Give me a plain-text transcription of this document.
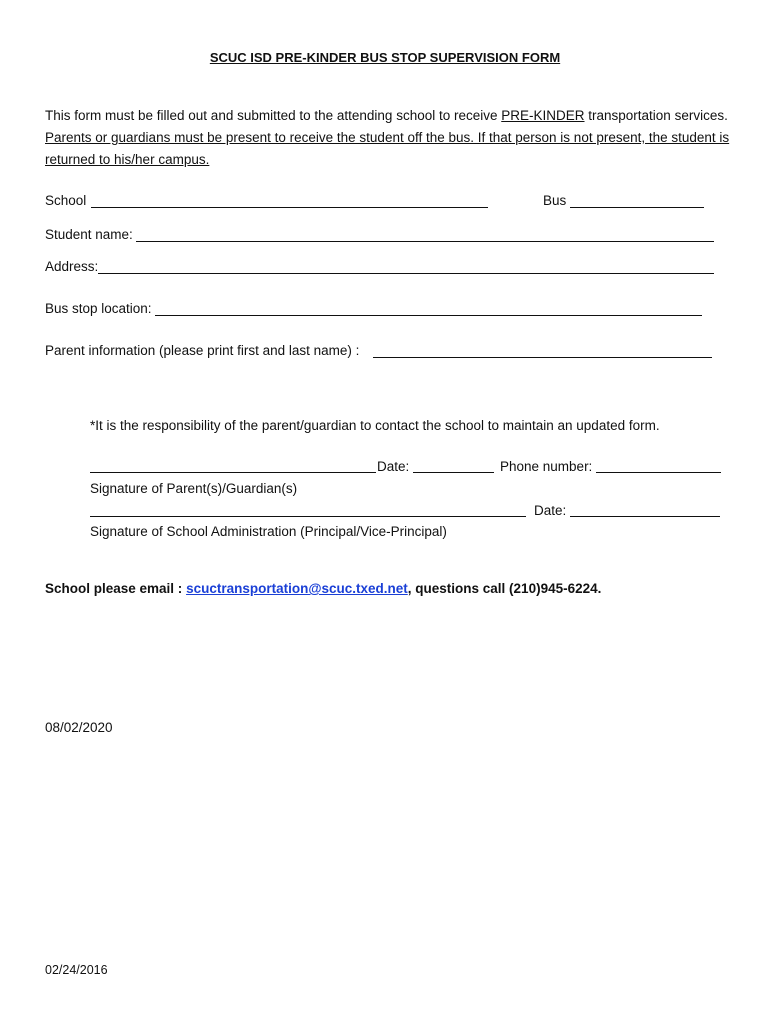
SCUC ISD PRE-KINDER BUS STOP SUPERVISION FORM
This form must be filled out and submitted to the attending school to receive PRE-KINDER transportation services. Parents or guardians must be present to receive the student off the bus. If that person is not present, the student is returned to his/her campus.
School	Bus
Student name:
Address:
Bus stop location:
Parent information (please print first and last name) :
*It is the responsibility of the parent/guardian to contact the school to maintain an updated form.
Date:	Phone number:
Signature of Parent(s)/Guardian(s)
Date:
Signature of School Administration (Principal/Vice-Principal)
School please email : scuctransportation@scuc.txed.net, questions call (210)945-6224.
08/02/2020
02/24/2016
